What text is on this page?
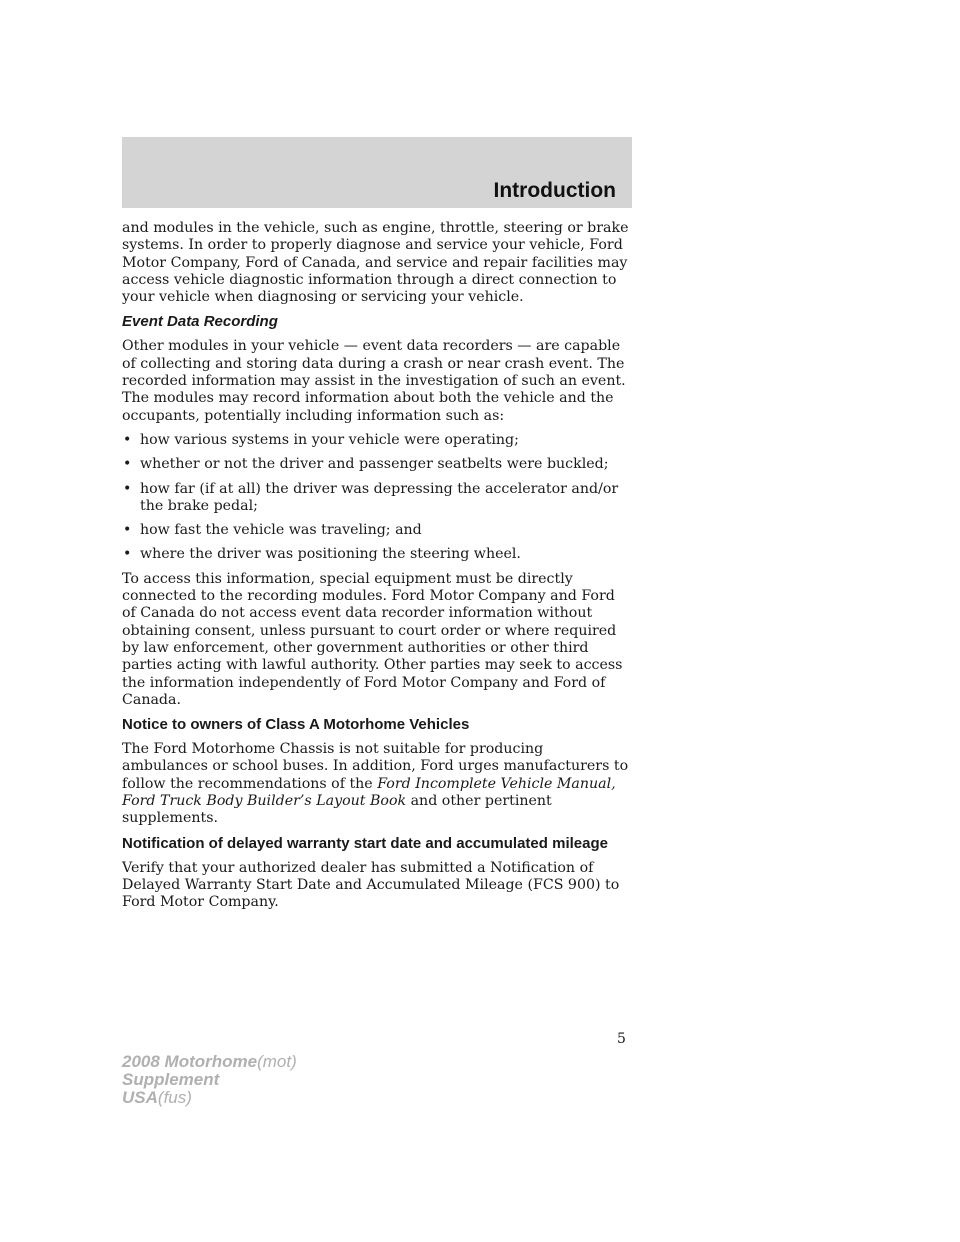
Introduction

and modules in the vehicle, such as engine, throttle, steering or brake systems. In order to properly diagnose and service your vehicle, Ford Motor Company, Ford of Canada, and service and repair facilities may access vehicle diagnostic information through a direct connection to your vehicle when diagnosing or servicing your vehicle.

Event Data Recording

Other modules in your vehicle — event data recorders — are capable of collecting and storing data during a crash or near crash event. The recorded information may assist in the investigation of such an event. The modules may record information about both the vehicle and the occupants, potentially including information such as:

• how various systems in your vehicle were operating;
• whether or not the driver and passenger seatbelts were buckled;
• how far (if at all) the driver was depressing the accelerator and/or the brake pedal;
• how fast the vehicle was traveling; and
• where the driver was positioning the steering wheel.

To access this information, special equipment must be directly connected to the recording modules. Ford Motor Company and Ford of Canada do not access event data recorder information without obtaining consent, unless pursuant to court order or where required by law enforcement, other government authorities or other third parties acting with lawful authority. Other parties may seek to access the information independently of Ford Motor Company and Ford of Canada.

Notice to owners of Class A Motorhome Vehicles

The Ford Motorhome Chassis is not suitable for producing ambulances or school buses. In addition, Ford urges manufacturers to follow the recommendations of the Ford Incomplete Vehicle Manual, Ford Truck Body Builder’s Layout Book and other pertinent supplements.

Notification of delayed warranty start date and accumulated mileage

Verify that your authorized dealer has submitted a Notification of Delayed Warranty Start Date and Accumulated Mileage (FCS 900) to Ford Motor Company.

5
2008 Motorhome(mot)
Supplement
USA(fus)
